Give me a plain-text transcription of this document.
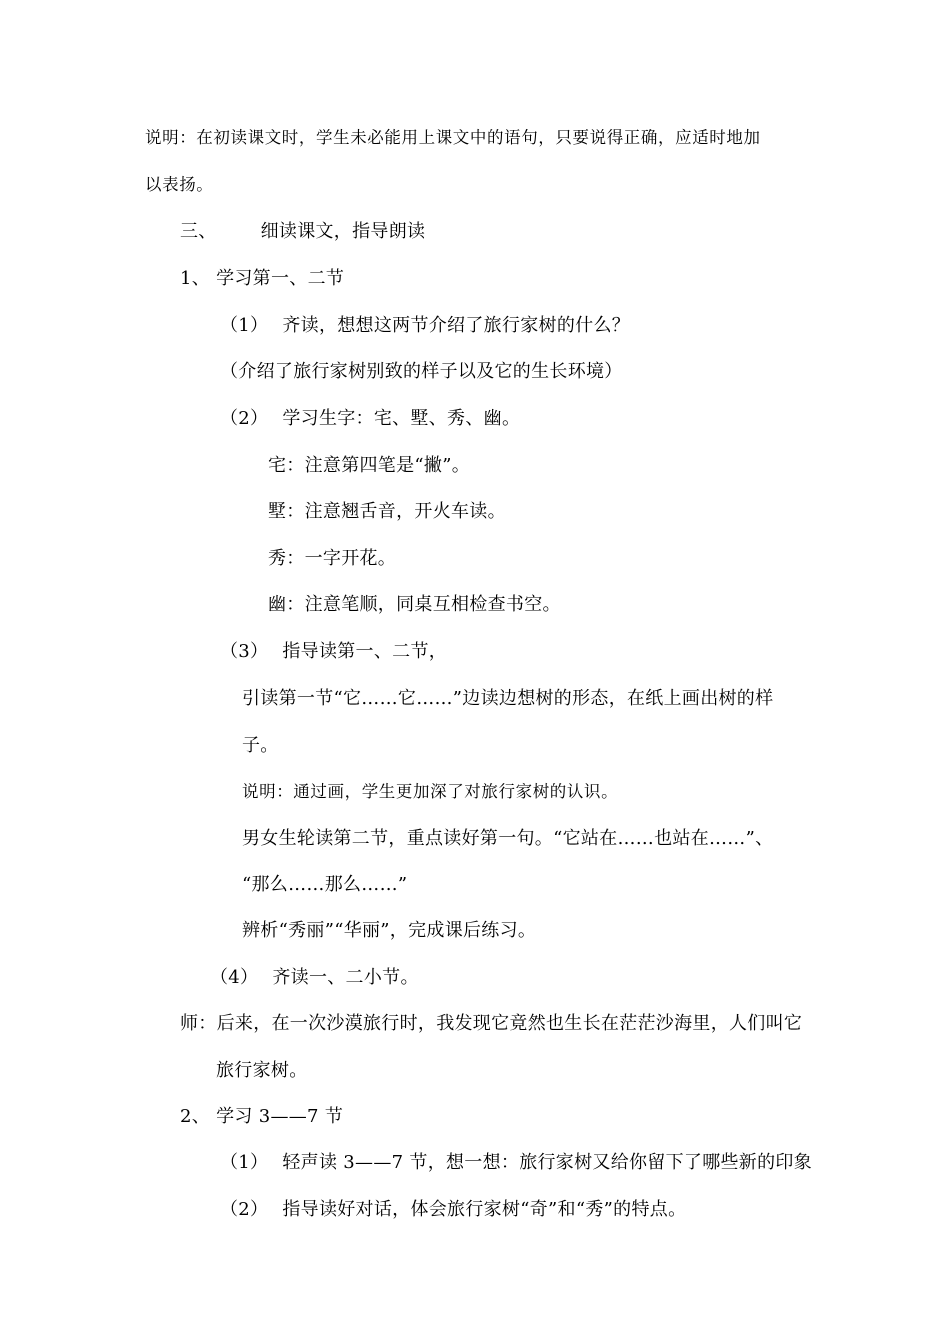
说明：在初读课文时，学生未必能用上课文中的语句，只要说得正确，应适时地加
以表扬。
三、 细读课文，指导朗读
1、 学习第一、二节
（1） 齐读，想想这两节介绍了旅行家树的什么？
（介绍了旅行家树别致的样子以及它的生长环境）
（2） 学习生字：宅、墅、秀、幽。
宅：注意第四笔是“撇”。
墅：注意翘舌音，开火车读。
秀：一字开花。
幽：注意笔顺，同桌互相检查书空。
（3） 指导读第一、二节，
引读第一节“它……它……”边读边想树的形态，在纸上画出树的样
子。
说明：通过画，学生更加深了对旅行家树的认识。
男女生轮读第二节，重点读好第一句。“它站在……也站在……”、
“那么……那么……”
辨析“秀丽”“华丽”，完成课后练习。
（4） 齐读一、二小节。
师：后来，在一次沙漠旅行时，我发现它竟然也生长在茫茫沙海里，人们叫它
旅行家树。
2、 学习 3——7 节
（1） 轻声读 3——7 节，想一想：旅行家树又给你留下了哪些新的印象
（2） 指导读好对话，体会旅行家树“奇”和“秀”的特点。
